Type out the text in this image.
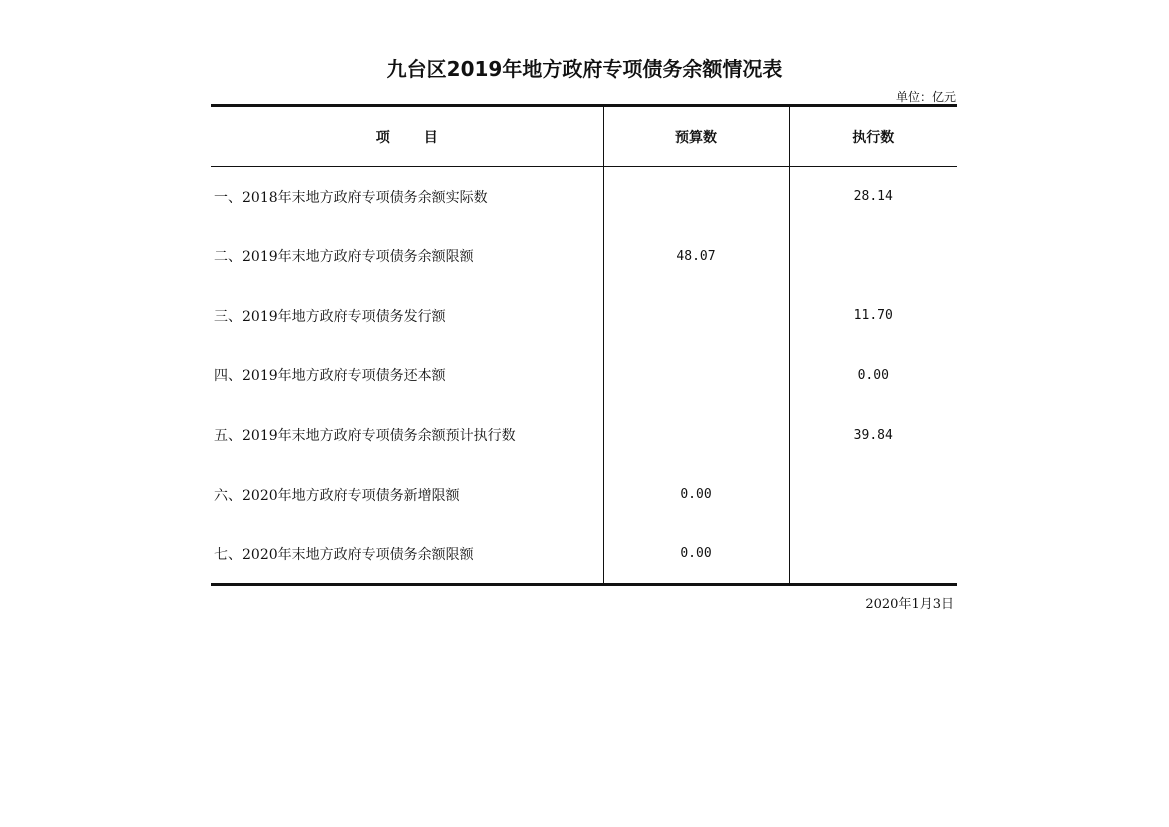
九台区2019年地方政府专项债务余额情况表
单位：亿元
项 目	预算数	执行数
一、2018年末地方政府专项债务余额实际数		28.14
二、2019年末地方政府专项债务余额限额	48.07	
三、2019年地方政府专项债务发行额		11.70
四、2019年地方政府专项债务还本额		0.00
五、2019年末地方政府专项债务余额预计执行数		39.84
六、2020年地方政府专项债务新增限额	0.00	
七、2020年末地方政府专项债务余额限额	0.00	
2020年1月3日
